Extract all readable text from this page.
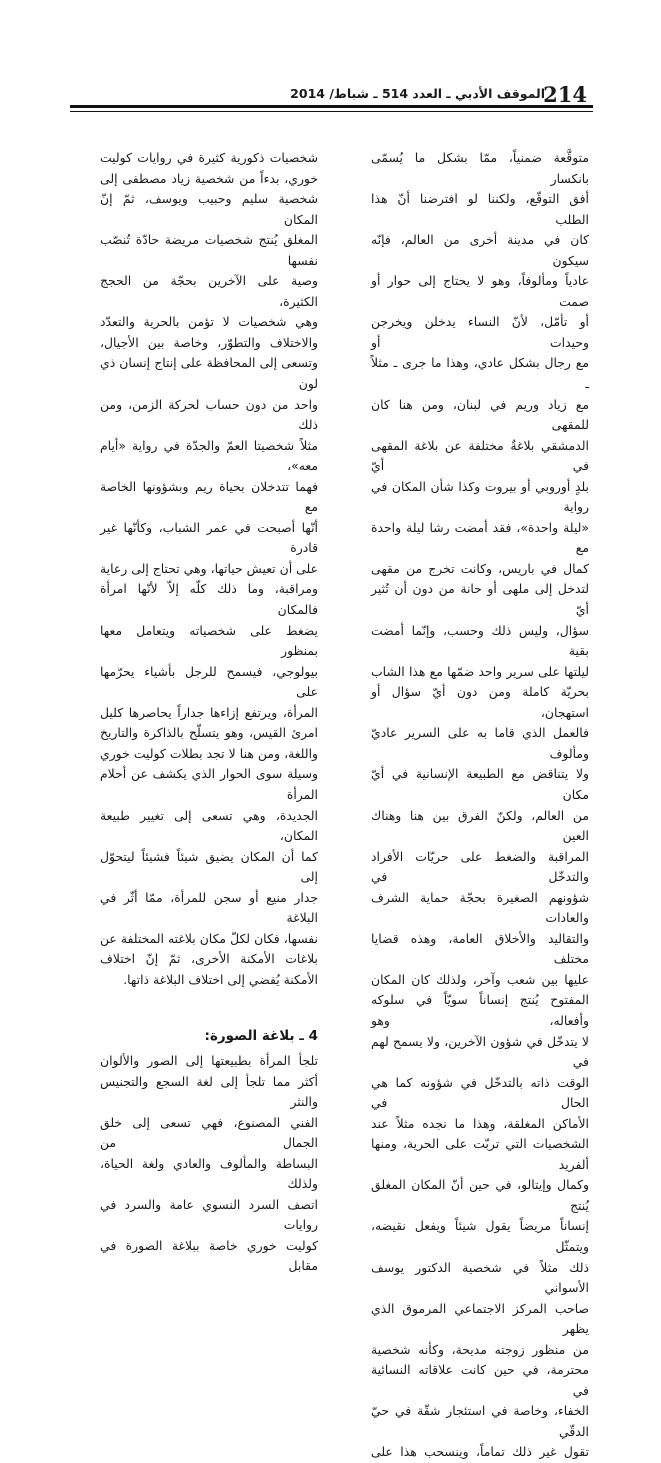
214
الموقف الأدبي ـ العدد 514 ـ شباط/ 2014

متوقَّعة ضمنياً، ممّا بشكل ما يُسمّى بانكسار

أفق التوقّع، ولكننا لو افترضنا أنّ هذا الطلب

كان في مدينة أخرى من العالم، فإنّه سيكون

عادياً ومألوفاً، وهو لا يحتاج إلى حوار أو صمت

أو تأمّل، لأنّ النساء يدخلن ويخرجن وحيدات أو

مع رجال بشكل عادي، وهذا ما جرى ـ مثلاً ـ

مع زياد وريم في لبنان، ومن هنا كان للمقهى

الدمشقي بلاغةٌ مختلفة عن بلاغة المقهى في أيّ

بلدٍ أوروبي أو بيروت وكذا شأن المكان في رواية

«ليلة واحدة»، فقد أمضت رشا ليلة واحدة مع

كمال في باريس، وكانت تخرج من مقهى

لتدخل إلى ملهى أو حانة من دون أن تُثير أيّ

سؤال، وليس ذلك وحسب، وإنّما أمضت بقية

ليلتها على سرير واحد ضمّها مع هذا الشاب

بحريّة كاملة ومن دون أيّ سؤال أو استهجان،

فالعمل الذي قاما به على السرير عاديّ ومألوف

ولا يتناقض مع الطبيعة الإنسانية في أيّ مكان

من العالم، ولكنّ الفرق بين هنا وهناك العين

المراقبة والضغط على حريّات الأفراد والتدخّل في

شؤونهم الصغيرة بحجّة حماية الشرف والعادات

والتقاليد والأخلاق العامة، وهذه قضايا مختلف

عليها بين شعب وآخر، ولذلك كان المكان

المفتوح يُنتج إنساناً سويّاً في سلوكه وأفعاله، وهو

لا يتدخّل في شؤون الآخرين، ولا يسمح لهم في

الوقت ذاته بالتدخّل في شؤونه كما هي الحال في

الأماكن المغلقة، وهذا ما نجده مثلاً عند

الشخصيات التي تربّت على الحرية، ومنها ألفريد

وكمال وإيتالو، في حين أنّ المكان المغلق يُنتج

إنساناً مريضاً يقول شيئاً ويفعل نقيضه، ويتمثّل

ذلك مثلاً في شخصية الدكتور يوسف الأسواني

صاحب المركز الاجتماعي المرموق الذي يظهر

من منظور زوجته مديحة، وكأنه شخصية

محترمة، في حين كانت علاقاته النسائية في

الخفاء، وخاصة في استئجار شقّة في حيّ الدقّي

تقول غير ذلك تماماً، وينسحب هذا على

شخصيات ذكورية كثيرة في روايات كوليت

خوري، بدءاً من شخصية زياد مصطفى إلى

شخصية سليم وحبيب ويوسف، ثمّ إنّ المكان

المغلق يُنتج شخصيات مريضة حادّة تُنصّب نفسها

وصية على الآخرين بحجّة من الحجج الكثيرة،

وهي شخصيات لا تؤمن بالحرية والتعدّد

والاختلاف والتطوّر، وخاصة بين الأجيال،

وتسعى إلى المحافظة على إنتاج إنسان ذي لون

واحد من دون حساب لحركة الزمن، ومن ذلك

مثلاً شخصيتا العمّ والجدّة في رواية «أيام معه»،

فهما تتدخلان بحياة ريم وبشؤونها الخاصة مع

أنّها أصبحت في عمر الشباب، وكأنّها غير قادرة

على أن تعيش حياتها، وهي تحتاج إلى رعاية

ومراقبة، وما ذلك كلّه إلاّ لأنّها امرأة فالمكان

يضغط على شخصياته ويتعامل معها بمنظور

بيولوجي، فيسمح للرجل بأشياء يحرّمها على

المرأة، ويرتفع إزاءها جداراً يحاصرها كليل

امرئ القيس، وهو يتسلّح بالذاكرة والتاريخ

واللغة، ومن هنا لا تجد بطلات كوليت خوري

وسيلة سوى الحوار الذي يكشف عن أحلام المرأة

الجديدة، وهي تسعى إلى تغيير طبيعة المكان،

كما أن المكان يضيق شيئاً فشيئاً ليتحوّل إلى

جدار منيع أو سجن للمرأة، ممّا أثّر في البلاغة

نفسها، فكان لكلّ مكان بلاغته المختلفة عن

بلاغات الأمكنة الأخرى، ثمّ إنّ اختلاف

الأمكنة يُفضي إلى اختلاف البلاغة ذاتها.

4 ـ بلاغة الصورة:

تلجأ المرأة بطبيعتها إلى الصور والألوان

أكثر مما تلجأ إلى لغة السجع والتجنيس والنثر

الفني المصنوع، فهي تسعى إلى خلق الجمال من

البساطة والمألوف والعادي ولغة الحياة، ولذلك

اتصف السرد النسوي عامة والسرد في روايات

كوليت خوري خاصة ببلاغة الصورة في مقابل
